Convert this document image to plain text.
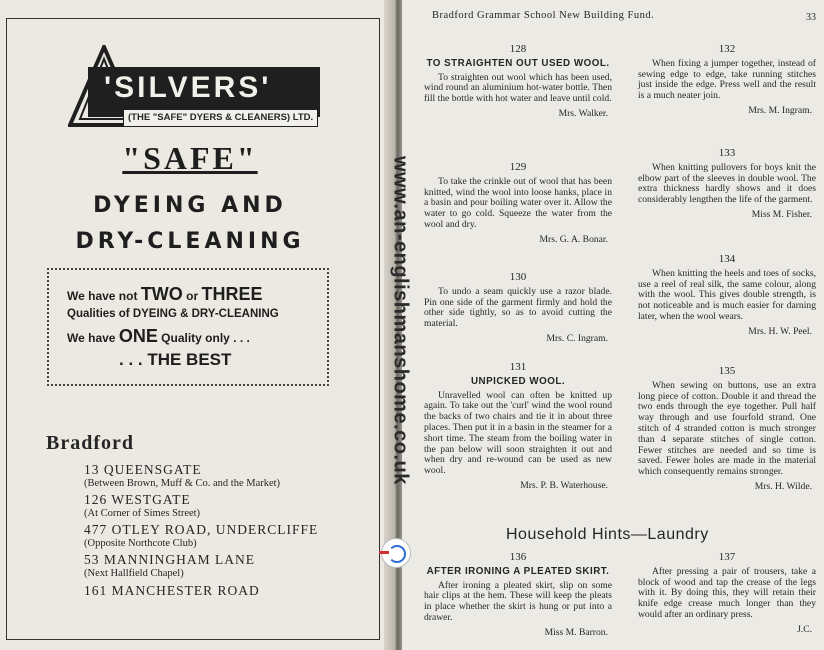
'SILVERS'
(THE "SAFE" DYERS & CLEANERS) LTD.
"SAFE"
DYEING AND
DRY-CLEANING
We have not TWO or THREE
Qualities of DYEING & DRY-CLEANING
We have ONE Quality only . . .
. . . THE BEST
Bradford
13 QUEENSGATE
(Between Brown, Muff & Co. and the Market)
126 WESTGATE
(At Corner of Simes Street)
477 OTLEY ROAD, UNDERCLIFFE
(Opposite Northcote Club)
53 MANNINGHAM LANE
(Next Hallfield Chapel)
161 MANCHESTER ROAD
Bradford Grammar School New Building Fund.	33
128
TO STRAIGHTEN OUT USED WOOL.
To straighten out wool which has been used, wind round an aluminium hot-water bottle. Then fill the bottle with hot water and leave until cold.
Mrs. Walker.
129
To take the crinkle out of wool that has been knitted, wind the wool into loose hanks, place in a basin and pour boiling water over it. Allow the water to go cold. Squeeze the water from the wool and dry.
Mrs. G. A. Bonar.
130
To undo a seam quickly use a razor blade. Pin one side of the garment firmly and hold the other side tightly, so as to avoid cutting the material.
Mrs. C. Ingram.
131
UNPICKED WOOL.
Unravelled wool can often be knitted up again. To take out the 'curl' wind the wool round the backs of two chairs and tie it in about three places. Then put it in a basin in the steamer for a short time. The steam from the boiling water in the pan below will soon straighten it out and when dry and re-wound can be used as new wool.
Mrs. P. B. Waterhouse.
132
When fixing a jumper together, instead of sewing edge to edge, take running stitches just inside the edge. Press well and the result is a much neater join.
Mrs. M. Ingram.
133
When knitting pullovers for boys knit the elbow part of the sleeves in double wool. The extra thickness hardly shows and it does considerably lengthen the life of the garment.
Miss M. Fisher.
134
When knitting the heels and toes of socks, use a reel of real silk, the same colour, along with the wool. This gives double strength, is not noticeable and is much easier for darning later, when the wool wears.
Mrs. H. W. Peel.
135
When sewing on buttons, use an extra long piece of cotton. Double it and thread the two ends through the eye together. Pull half way through and use fourfold strand. One stitch of 4 stranded cotton is much stronger than 4 separate stitches of single cotton. Fewer stitches are needed and so time is saved. Fewer holes are made in the material which consequently remains stronger.
Mrs. H. Wilde.
Household Hints—Laundry
136
AFTER IRONING A PLEATED SKIRT.
After ironing a pleated skirt, slip on some hair clips at the hem. These will keep the pleats in place whether the skirt is hung or put into a drawer.
Miss M. Barron.
137
After pressing a pair of trousers, take a block of wood and tap the crease of the legs with it. By doing this, they will retain their knife edge crease much longer than they would after an ordinary press.
J.C.
www.an-englishmanshome.co.uk
